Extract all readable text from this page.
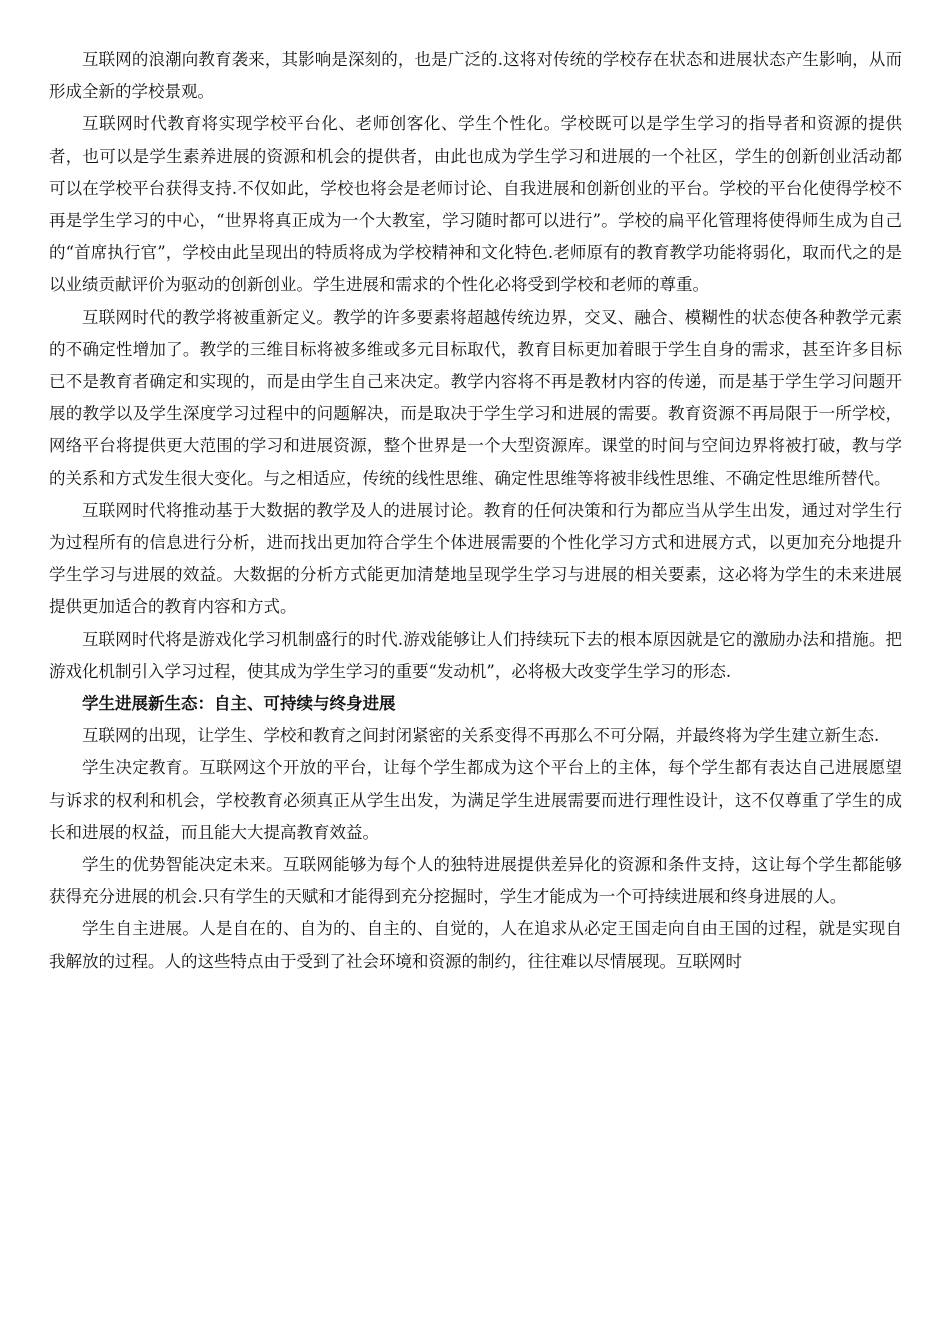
互联网的浪潮向教育袭来，其影响是深刻的，也是广泛的.这将对传统的学校存在状态和进展状态产生影响，从而形成全新的学校景观。

互联网时代教育将实现学校平台化、老师创客化、学生个性化。学校既可以是学生学习的指导者和资源的提供者，也可以是学生素养进展的资源和机会的提供者，由此也成为学生学习和进展的一个社区，学生的创新创业活动都可以在学校平台获得支持.不仅如此，学校也将会是老师讨论、自我进展和创新创业的平台。学校的平台化使得学校不再是学生学习的中心，“世界将真正成为一个大教室，学习随时都可以进行”。学校的扁平化管理将使得师生成为自己的“首席执行官”，学校由此呈现出的特质将成为学校精神和文化特色.老师原有的教育教学功能将弱化，取而代之的是以业绩贡献评价为驱动的创新创业。学生进展和需求的个性化必将受到学校和老师的尊重。

互联网时代的教学将被重新定义。教学的许多要素将超越传统边界，交叉、融合、模糊性的状态使各种教学元素的不确定性增加了。教学的三维目标将被多维或多元目标取代，教育目标更加着眼于学生自身的需求，甚至许多目标已不是教育者确定和实现的，而是由学生自己来决定。教学内容将不再是教材内容的传递，而是基于学生学习问题开展的教学以及学生深度学习过程中的问题解决，而是取决于学生学习和进展的需要。教育资源不再局限于一所学校，网络平台将提供更大范围的学习和进展资源，整个世界是一个大型资源库。课堂的时间与空间边界将被打破，教与学的关系和方式发生很大变化。与之相适应，传统的线性思维、确定性思维等将被非线性思维、不确定性思维所替代。

互联网时代将推动基于大数据的教学及人的进展讨论。教育的任何决策和行为都应当从学生出发，通过对学生行为过程所有的信息进行分析，进而找出更加符合学生个体进展需要的个性化学习方式和进展方式，以更加充分地提升学生学习与进展的效益。大数据的分析方式能更加清楚地呈现学生学习与进展的相关要素，这必将为学生的未来进展提供更加适合的教育内容和方式。

互联网时代将是游戏化学习机制盛行的时代.游戏能够让人们持续玩下去的根本原因就是它的激励办法和措施。把游戏化机制引入学习过程，使其成为学生学习的重要“发动机”，必将极大改变学生学习的形态.

学生进展新生态：自主、可持续与终身进展

互联网的出现，让学生、学校和教育之间封闭紧密的关系变得不再那么不可分隔，并最终将为学生建立新生态.

学生决定教育。互联网这个开放的平台，让每个学生都成为这个平台上的主体，每个学生都有表达自己进展愿望与诉求的权利和机会，学校教育必须真正从学生出发，为满足学生进展需要而进行理性设计，这不仅尊重了学生的成长和进展的权益，而且能大大提高教育效益。

学生的优势智能决定未来。互联网能够为每个人的独特进展提供差异化的资源和条件支持，这让每个学生都能够获得充分进展的机会.只有学生的天赋和才能得到充分挖掘时，学生才能成为一个可持续进展和终身进展的人。

学生自主进展。人是自在的、自为的、自主的、自觉的，人在追求从必定王国走向自由王国的过程，就是实现自我解放的过程。人的这些特点由于受到了社会环境和资源的制约，往往难以尽情展现。互联网时
